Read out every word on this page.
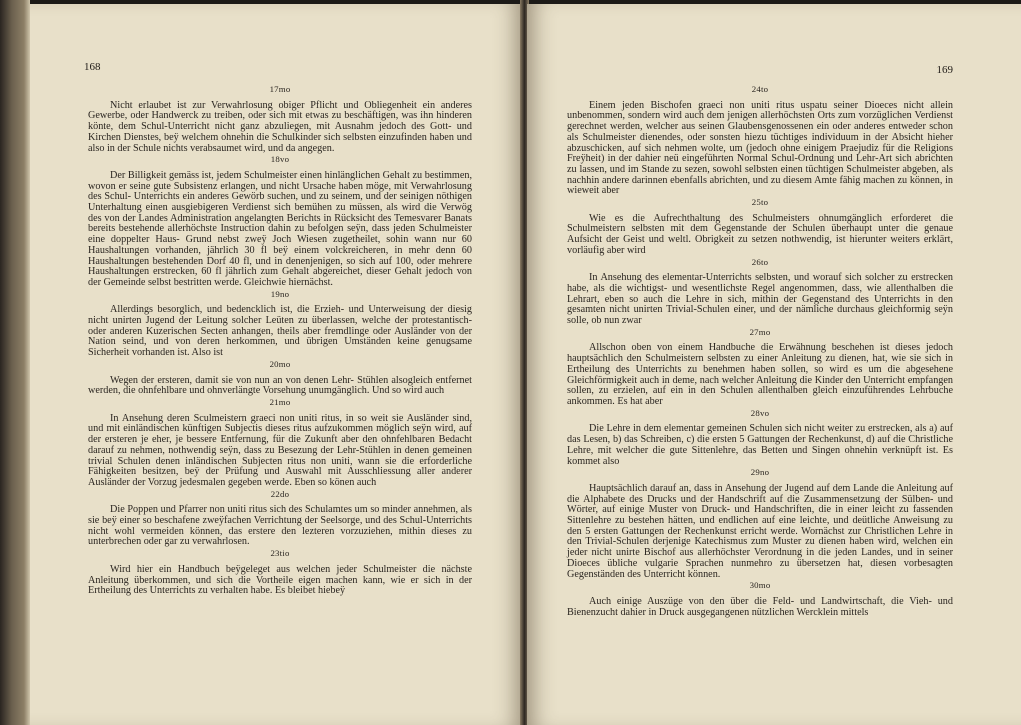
168
17mo
Nicht erlaubet ist zur Verwahrlosung obiger Pflicht und Obliegenheit ein anderes Gewerbe, oder Handwerck zu treiben, oder sich mit etwas zu beschäftigen, was ihn hinderen könte, dem Schul-Unterricht nicht ganz abzuliegen, mit Ausnahm jedoch des Gott- und Kirchen Dienstes, beÿ welchem ohnehin die Schulkinder sich selbsten einzufinden haben und also in der Schule nichts verabsaumet wird, und da angegen.
18vo
Der Billigkeit gemäss ist, jedem Schulmeister einen hinlänglichen Gehalt zu bestimmen, wovon er seine gute Subsistenz erlangen, und nicht Ursache haben möge, mit Verwahrlosung des Schul- Unterrichts ein anderes Gewörb suchen, und zu seinem, und der seinigen nöthigen Unterhaltung einen ausgiebigeren Verdienst sich bemühen zu müssen, als wird die Verwög des von der Landes Administration angelangten Berichts in Rücksicht des Temesvarer Banats bereits bestehende allerhöchste Instruction dahin zu befolgen seÿn, dass jeden Schulmeister eine doppelter Haus- Grund nebst zweÿ Joch Wiesen zugetheilet, sohin wann nur 60 Haushaltungen vorhanden, jährlich 30 fl beÿ einem volckreicheren, in mehr denn 60 Haushaltungen bestehenden Dorf 40 fl, und in denenjenigen, so sich auf 100, oder mehrere Haushaltungen erstrecken, 60 fl jährlich zum Gehalt abgereichet, dieser Gehalt jedoch von der Gemeinde selbst bestritten werde. Gleichwie hiernächst.
19no
Allerdings besorglich, und bedencklich ist, die Erzieh- und Unterweisung der diesig nicht unirten Jugend der Leitung solcher Leüten zu überlassen, welche der protestantisch- oder anderen Kuzerischen Secten anhangen, theils aber fremdlinge oder Ausländer von der Nation seind, und von deren herkommen, und übrigen Umständen keine genugsame Sicherheit vorhanden ist. Also ist
20mo
Wegen der ersteren, damit sie von nun an von denen Lehr- Stühlen alsogleich entfernet werden, die ohnfehlbare und ohnverlängte Vorsehung unumgänglich. Und so wird auch
21mo
In Ansehung deren Sculmeistern graeci non uniti ritus, in so weit sie Ausländer sind, und mit einländischen künftigen Subjectis dieses ritus aufzukommen möglich seÿn wird, auf der ersteren je eher, je bessere Entfernung, für die Zukunft aber den ohnfehlbaren Bedacht darauf zu nehmen, nothwendig seÿn, dass zu Besezung der Lehr-Stühlen in denen gemeinen trivial Schulen denen inländischen Subjecten ritus non uniti, wann sie die erforderliche Fähigkeiten besitzen, beÿ der Prüfung und Auswahl mit Ausschliessung aller anderer Ausländer der Vorzug jedesmalen gegeben werde. Eben so könen auch
22do
Die Poppen und Pfarrer non uniti ritus sich des Schulamtes um so minder annehmen, als sie beÿ einer so beschafene zweÿfachen Verrichtung der Seelsorge, und des Schul-Unterrichts nicht wohl vermeiden können, das erstere den lezteren vorzuziehen, mithin dieses zu unterbrechen oder gar zu verwahrlosen.
23tio
Wird hier ein Handbuch beÿgeleget aus welchen jeder Schulmeister die nächste Anleitung überkommen, und sich die Vortheile eigen machen kann, wie er sich in der Ertheilung des Unterrichts zu verhalten habe. Es bleibet hiebeÿ
169
24to
Einem jeden Bischofen graeci non uniti ritus uspatu seiner Dioeces nicht allein unbenommen, sondern wird auch dem jenigen allerhöchsten Orts zum vorzüglichen Verdienst gerechnet werden, welcher aus seinen Glaubensgenossenen ein oder anderes entweder schon als Schulmeister dienendes, oder sonsten hiezu tüchtiges individuum in der Absicht hieher abzuschicken, auf sich nehmen wolte, um (jedoch ohne einigem Praejudiz für die Religions Freÿheit) in der dahier neü eingeführten Normal Schul-Ordnung und Lehr-Art sich abrichten zu lassen, und im Stande zu sezen, sowohl selbsten einen tüchtigen Schulmeister abgeben, als nachhin andere darinnen ebenfalls abrichten, und zu diesem Amte fähig machen zu können, in wieweit aber
25to
Wie es die Aufrechthaltung des Schulmeisters ohnumgänglich erforderet die Schulmeistern selbsten mit dem Gegenstande der Schulen überhaupt unter die genaue Aufsicht der Geist und weltl. Obrigkeit zu setzen nothwendig, ist hierunter weiters erklärt, vorläufig aber wird
26to
In Ansehung des elementar-Unterrichts selbsten, und worauf sich solcher zu erstrecken habe, als die wichtigst- und wesentlichste Regel angenommen, dass, wie allenthalben die Lehrart, eben so auch die Lehre in sich, mithin der Gegenstand des Unterrichts in den gesamten nicht unirten Trivial-Schulen einer, und der nämliche durchaus gleichformig seÿn solle, ob nun zwar
27mo
Allschon oben von einem Handbuche die Erwähnung beschehen ist dieses jedoch hauptsächlich den Schulmeistern selbsten zu einer Anleitung zu dienen, hat, wie sie sich in Ertheilung des Unterrichts zu benehmen haben sollen, so wird es um die abgesehene Gleichförmigkeit auch in deme, nach welcher Anleitung die Kinder den Unterricht empfangen sollen, zu erzielen, auf ein in den Schulen allenthalben gleich einzuführendes Lehrbuche ankommen. Es hat aber
28vo
Die Lehre in dem elementar gemeinen Schulen sich nicht weiter zu erstrecken, als a) auf das Lesen, b) das Schreiben, c) die ersten 5 Gattungen der Rechenkunst, d) auf die Christliche Lehre, mit welcher die gute Sittenlehre, das Betten und Singen ohnehin verknüpft ist. Es kommet also
29no
Hauptsächlich darauf an, dass in Ansehung der Jugend auf dem Lande die Anleitung auf die Alphabete des Drucks und der Handschrift auf die Zusammensetzung der Sülben- und Wörter, auf einige Muster von Druck- und Handschriften, die in einer leicht zu fassenden Sittenlehre zu bestehen hätten, und endlichen auf eine leichte, und deütliche Anweisung zu den 5 ersten Gattungen der Rechenkunst erricht werde. Wornächst zur Christlichen Lehre in den Trivial-Schulen derjenige Katechismus zum Muster zu dienen haben wird, welchen ein jeder nicht unirte Bischof aus allerhöchster Verordnung in die jeden Landes, und in seiner Dioeces übliche vulgarie Sprachen nunmehro zu übersetzen hat, diesen vorbesagten Gegenständen des Unterricht können.
30mo
Auch einige Auszüge von den über die Feld- und Landwirtschaft, die Vieh- und Bienenzucht dahier in Druck ausgegangenen nützlichen Wercklein mittels
